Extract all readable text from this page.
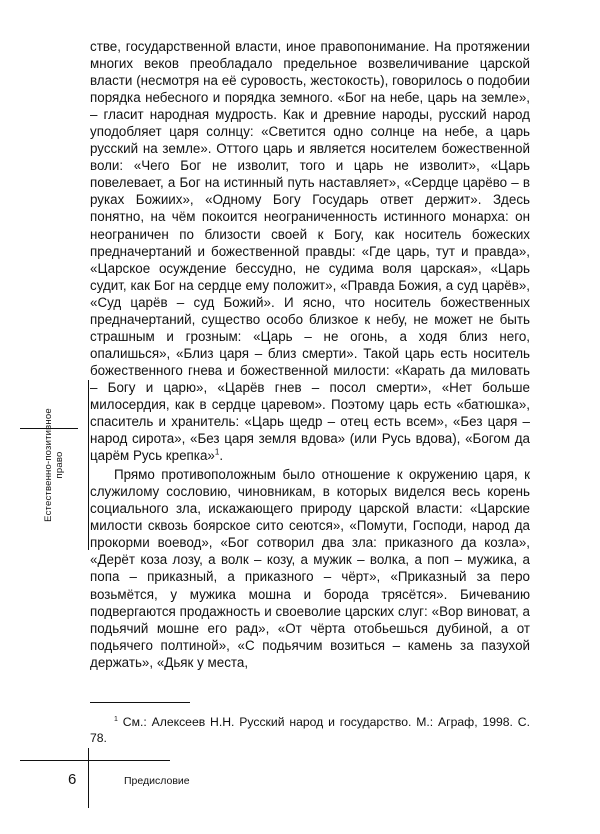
стве, государственной власти, иное правопонимание. На протяжении многих веков преобладало предельное возвеличивание царской власти (несмотря на её суровость, жестокость), говорилось о подобии порядка небесного и порядка земного. «Бог на небе, царь на земле», – гласит народная мудрость. Как и древние народы, русский народ уподобляет царя солнцу: «Светится одно солнце на небе, а царь русский на земле». Оттого царь и является носителем божественной воли: «Чего Бог не изволит, того и царь не изволит», «Царь повелевает, а Бог на истинный путь наставляет», «Сердце царёво – в руках Божиих», «Одному Богу Государь ответ держит». Здесь понятно, на чём покоится неограниченность истинного монарха: он неограничен по близости своей к Богу, как носитель божеских предначертаний и божественной правды: «Где царь, тут и правда», «Царское осуждение бессудно, не судима воля царская», «Царь судит, как Бог на сердце ему положит», «Правда Божия, а суд царёв», «Суд царёв – суд Божий». И ясно, что носитель божественных предначертаний, существо особо близкое к небу, не может не быть страшным и грозным: «Царь – не огонь, а ходя близ него, опалишься», «Близ царя – близ смерти». Такой царь есть носитель божественного гнева и божественной милости: «Карать да миловать – Богу и царю», «Царёв гнев – посол смерти», «Нет больше милосердия, как в сердце царевом». Поэтому царь есть «батюшка», спаситель и хранитель: «Царь щедр – отец есть всем», «Без царя – народ сирота», «Без царя земля вдова» (или Русь вдова), «Богом да царём Русь крепка»$^1$.

Прямо противоположным было отношение к окружению царя, к служилому сословию, чиновникам, в которых виделся весь корень социального зла, искажающего природу царской власти: «Царские милости сквозь боярское сито сеются», «Помути, Господи, народ да прокорми воевод», «Бог сотворил два зла: приказного да козла», «Дерёт коза лозу, а волк – козу, а мужик – волка, а поп – мужика, а попа – приказный, а приказного – чёрт», «Приказный за перо возьмётся, у мужика мошна и борода трясётся». Бичеванию подвергаются продажность и своеволие царских слуг: «Вор виноват, а подьячий мошне его рад», «От чёрта отобьешься дубиной, а от подьячего полтиной», «С подьячим возиться – камень за пазухой держать», «Дьяк у места,

$^1$ См.: Алексеев Н.Н. Русский народ и государство. М.: Аграф, 1998. С. 78.

Естественно-позитивное право
6	Предисловие
